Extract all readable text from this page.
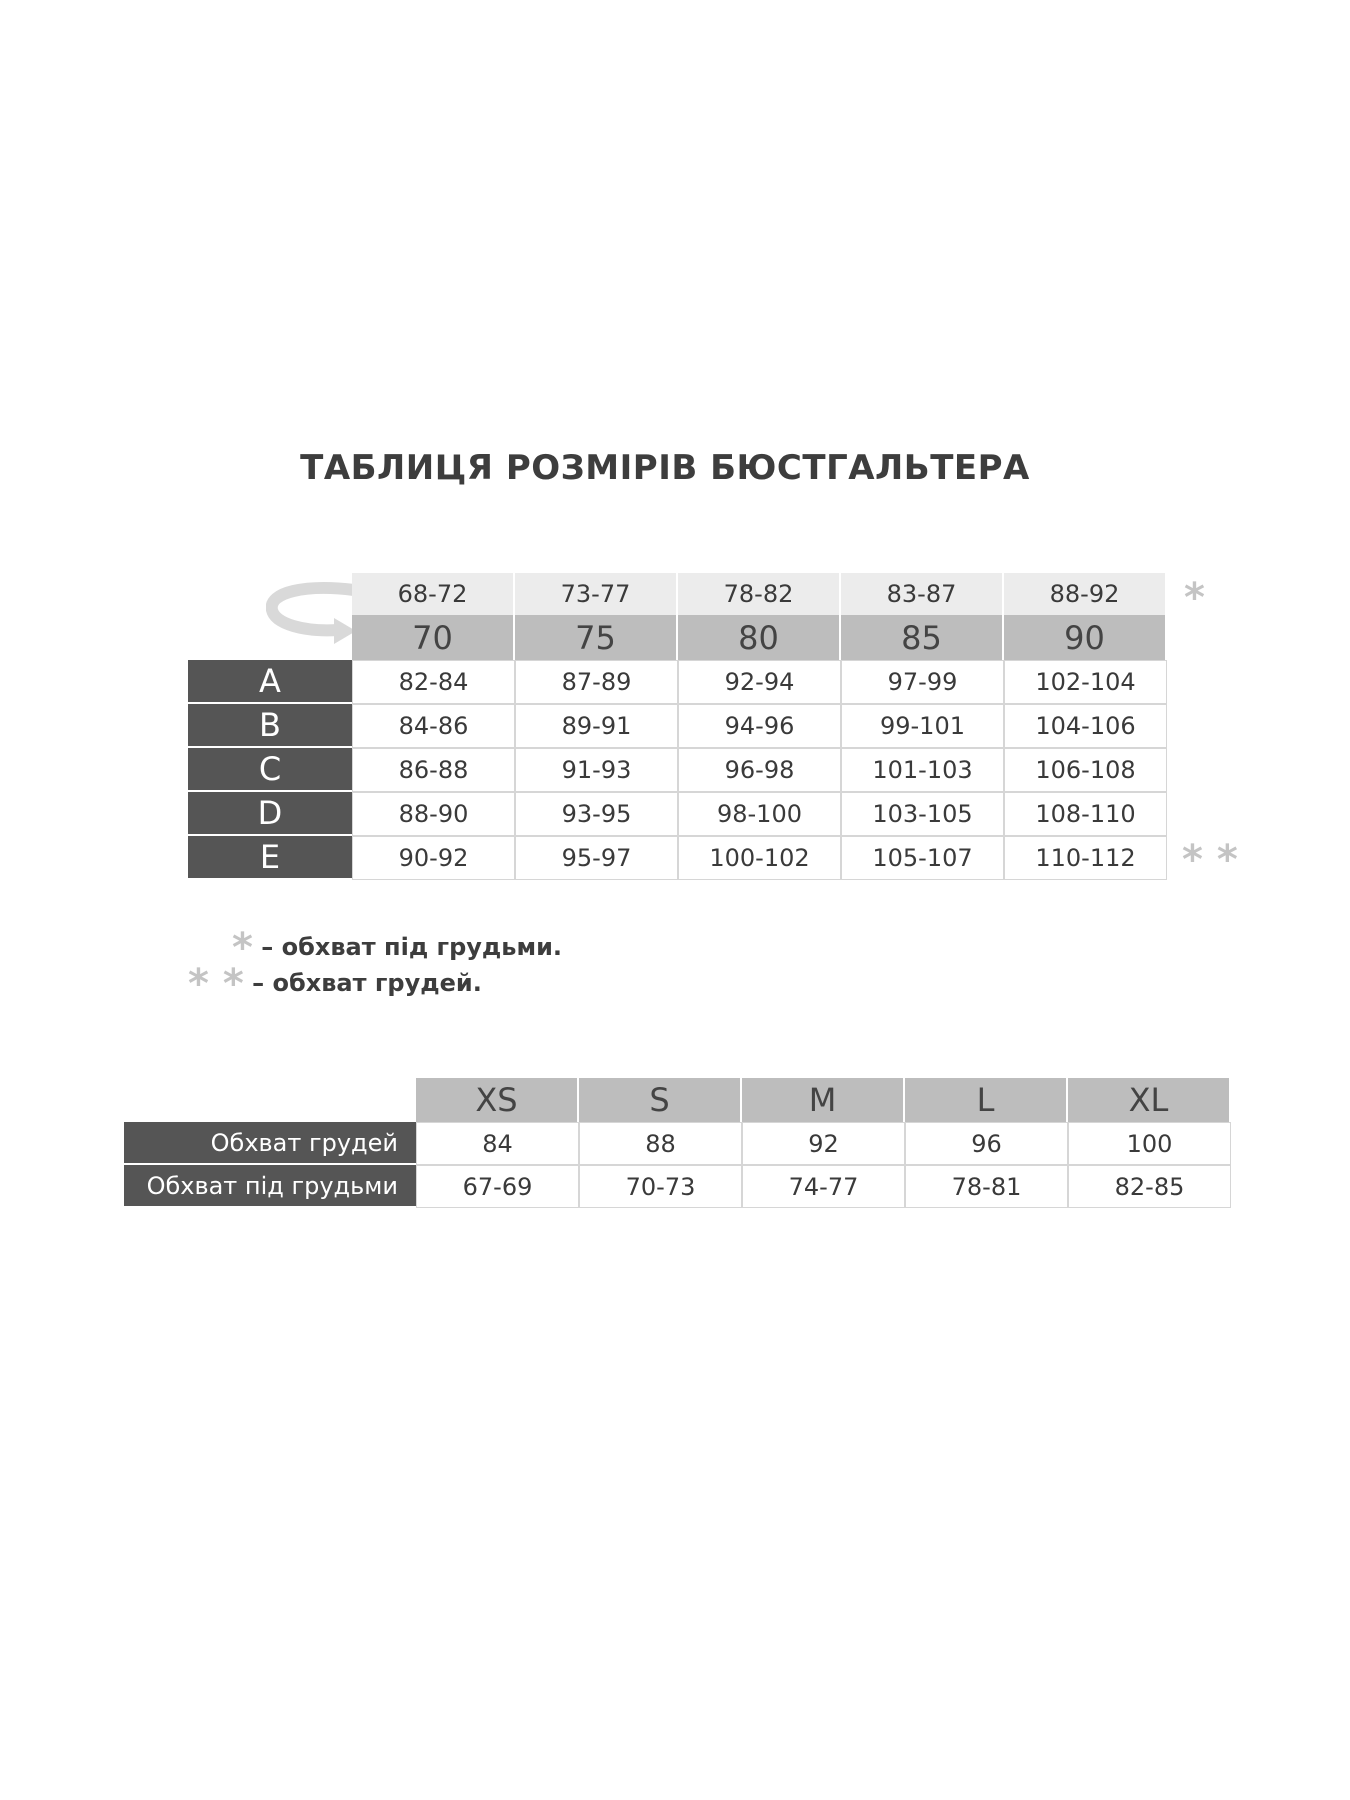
ТАБЛИЦЯ РОЗМІРІВ БЮСТГАЛЬТЕРА
68-72	73-77	78-82	83-87	88-92
70	75	80	85	90
A	82-84	87-89	92-94	97-99	102-104
B	84-86	89-91	94-96	99-101	104-106
C	86-88	91-93	96-98	101-103	106-108
D	88-90	93-95	98-100	103-105	108-110
E	90-92	95-97	100-102	105-107	110-112
*
* *
* – обхват під грудьми.
* * – обхват грудей.
XS	S	M	L	XL
Обхват грудей	84	88	92	96	100
Обхват під грудьми	67-69	70-73	74-77	78-81	82-85
